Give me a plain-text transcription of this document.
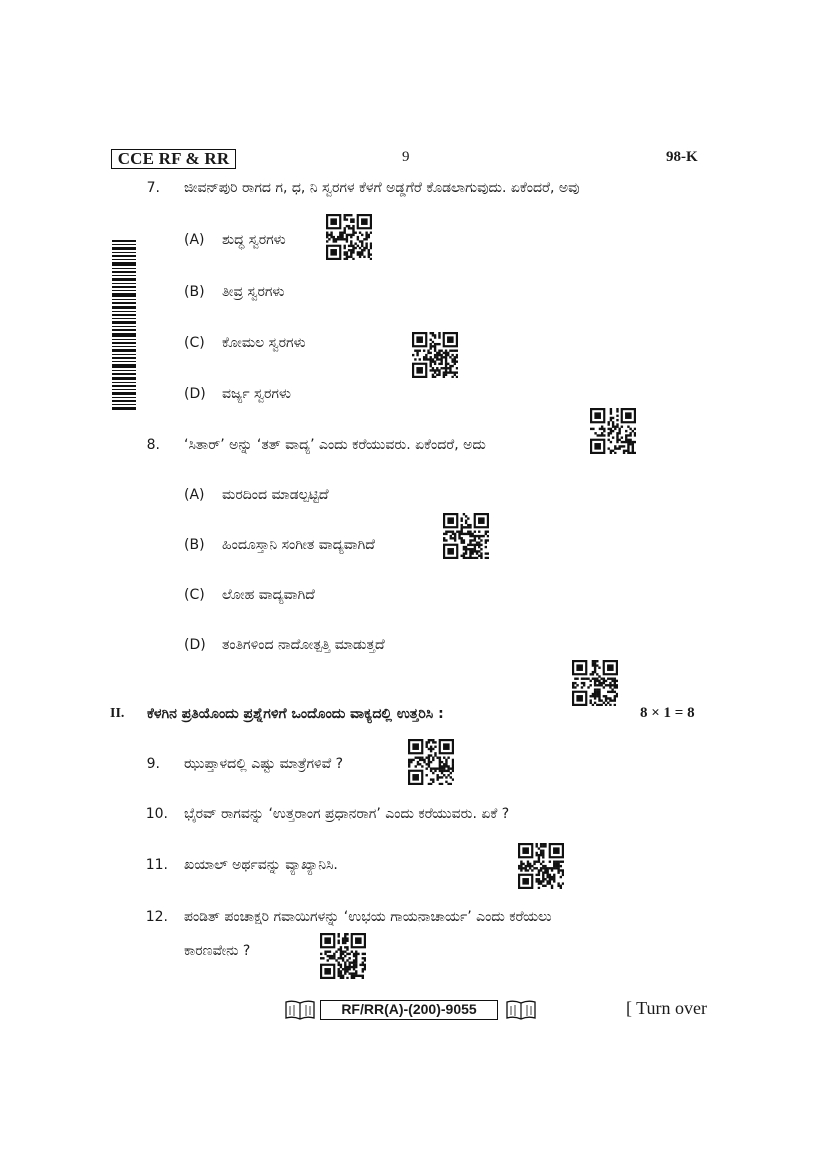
CCE RF & RR	9	98-K
7. ಜೀವನ್‌ಪುರಿ ರಾಗದ ಗ, ಧ, ನಿ ಸ್ವರಗಳ ಕೆಳಗೆ ಅಡ್ಡಗೆರೆ ಕೊಡಲಾಗುವುದು. ಏಕೆಂದರೆ, ಅವು
(A) ಶುದ್ಧ ಸ್ವರಗಳು
(B) ತೀವ್ರ ಸ್ವರಗಳು
(C) ಕೋಮಲ ಸ್ವರಗಳು
(D) ವರ್ಜ್ಯ ಸ್ವರಗಳು
8. ‘ಸಿತಾರ್’ ಅನ್ನು ‘ತತ್ ವಾದ್ಯ’ ಎಂದು ಕರೆಯುವರು. ಏಕೆಂದರೆ, ಅದು
(A) ಮರದಿಂದ ಮಾಡಲ್ಪಟ್ಟಿದೆ
(B) ಹಿಂದೂಸ್ತಾನಿ ಸಂಗೀತ ವಾದ್ಯವಾಗಿದೆ
(C) ಲೋಹ ವಾದ್ಯವಾಗಿದೆ
(D) ತಂತಿಗಳಿಂದ ನಾದೋತ್ಪತ್ತಿ ಮಾಡುತ್ತದೆ
II. ಕೆಳಗಿನ ಪ್ರತಿಯೊಂದು ಪ್ರಶ್ನೆಗಳಿಗೆ ಒಂದೊಂದು ವಾಕ್ಯದಲ್ಲಿ ಉತ್ತರಿಸಿ :	8 × 1 = 8
9. ಝುಪ್ತಾಳದಲ್ಲಿ ಎಷ್ಟು ಮಾತ್ರೆಗಳಿವೆ ?
10. ಭೈರವ್ ರಾಗವನ್ನು ‘ಉತ್ತರಾಂಗ ಪ್ರಧಾನರಾಗ’ ಎಂದು ಕರೆಯುವರು. ಏಕೆ ?
11. ಖಯಾಲ್ ಅರ್ಥವನ್ನು ವ್ಯಾಖ್ಯಾನಿಸಿ.
12. ಪಂಡಿತ್ ಪಂಚಾಕ್ಷರಿ ಗವಾಯಿಗಳನ್ನು ‘ಉಭಯ ಗಾಯನಾಚಾರ್ಯ’ ಎಂದು ಕರೆಯಲು
ಕಾರಣವೇನು ?
RF/RR(A)-(200)-9055	[ Turn over
